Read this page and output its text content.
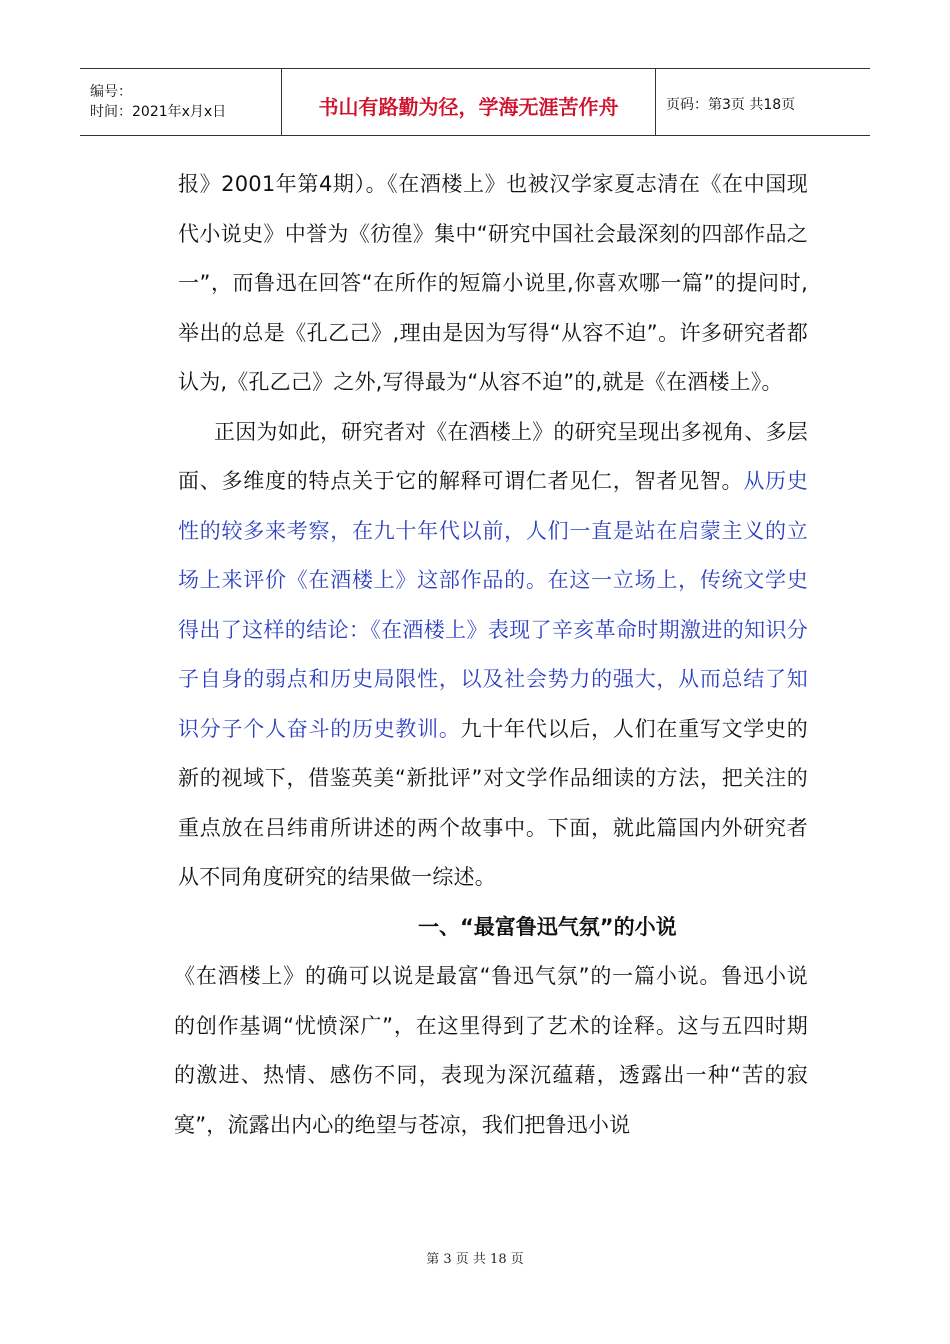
编号：
时间：2021年x月x日	书山有路勤为径，学海无涯苦作舟	页码：第3页 共18页

报》2001年第4期）。《在酒楼上》也被汉学家夏志清在《在中国现代小说史》中誉为《彷徨》集中“研究中国社会最深刻的四部作品之一”，而鲁迅在回答“在所作的短篇小说里,你喜欢哪一篇”的提问时,举出的总是《孔乙己》,理由是因为写得“从容不迫”。许多研究者都认为,《孔乙己》之外,写得最为“从容不迫”的,就是《在酒楼上》。

正因为如此，研究者对《在酒楼上》的研究呈现出多视角、多层面、多维度的特点关于它的解释可谓仁者见仁，智者见智。从历史性的较多来考察，在九十年代以前，人们一直是站在启蒙主义的立场上来评价《在酒楼上》这部作品的。在这一立场上，传统文学史得出了这样的结论：《在酒楼上》表现了辛亥革命时期激进的知识分子自身的弱点和历史局限性，以及社会势力的强大，从而总结了知识分子个人奋斗的历史教训。九十年代以后，人们在重写文学史的新的视域下，借鉴英美“新批评”对文学作品细读的方法，把关注的重点放在吕纬甫所讲述的两个故事中。下面，就此篇国内外研究者从不同角度研究的结果做一综述。

一、“最富鲁迅气氛”的小说

《在酒楼上》的确可以说是最富“鲁迅气氛”的一篇小说。鲁迅小说的创作基调“忧愤深广”，在这里得到了艺术的诠释。这与五四时期的激进、热情、感伤不同，表现为深沉蕴藉，透露出一种“苦的寂寞”，流露出内心的绝望与苍凉，我们把鲁迅小说

第 3 页 共 18 页
